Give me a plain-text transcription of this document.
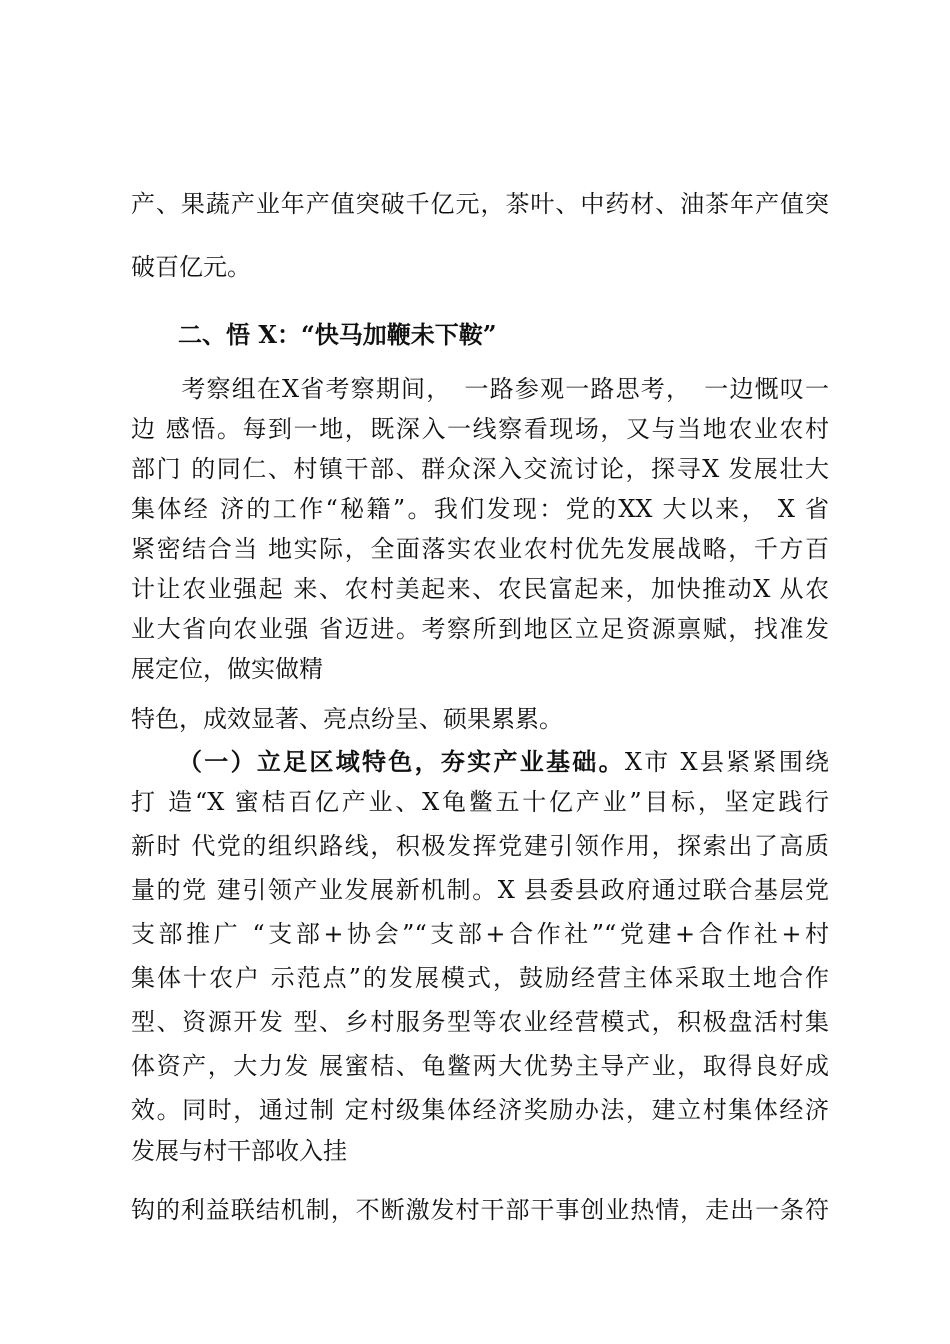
产、果蔬产业年产值突破千亿元，茶叶、中药材、油茶年产值突
破百亿元。
二、悟 X：“快马加鞭未下鞍”
　　考察组在X省考察期间，　一路参观一路思考，　一边慨叹一
边 感悟。每到一地，既深入一线察看现场，又与当地农业农村
部门 的同仁、村镇干部、群众深入交流讨论，探寻X 发展壮大
集体经 济的工作“秘籍”。我们发现：党的XX 大以来， X 省
紧密结合当 地实际，全面落实农业农村优先发展战略，千方百
计让农业强起 来、农村美起来、农民富起来，加快推动X 从农
业大省向农业强 省迈进。考察所到地区立足资源禀赋，找准发
展定位，做实做精
特色，成效显著、亮点纷呈、硕果累累。
（一）立足区域特色，夯实产业基础。X市 X县紧紧围绕
打 造“X 蜜桔百亿产业、X龟鳖五十亿产业”目标，坚定践行
新时 代党的组织路线，积极发挥党建引领作用，探索出了高质
量的党 建引领产业发展新机制。X 县委县政府通过联合基层党
支部推广 “支部+协会”“支部+合作社”“党建+合作社+村
集体十农户 示范点”的发展模式，鼓励经营主体采取土地合作
型、资源开发 型、乡村服务型等农业经营模式，积极盘活村集
体资产，大力发 展蜜桔、龟鳖两大优势主导产业，取得良好成
效。同时，通过制 定村级集体经济奖励办法，建立村集体经济
发展与村干部收入挂
钩的利益联结机制，不断激发村干部干事创业热情，走出一条符
